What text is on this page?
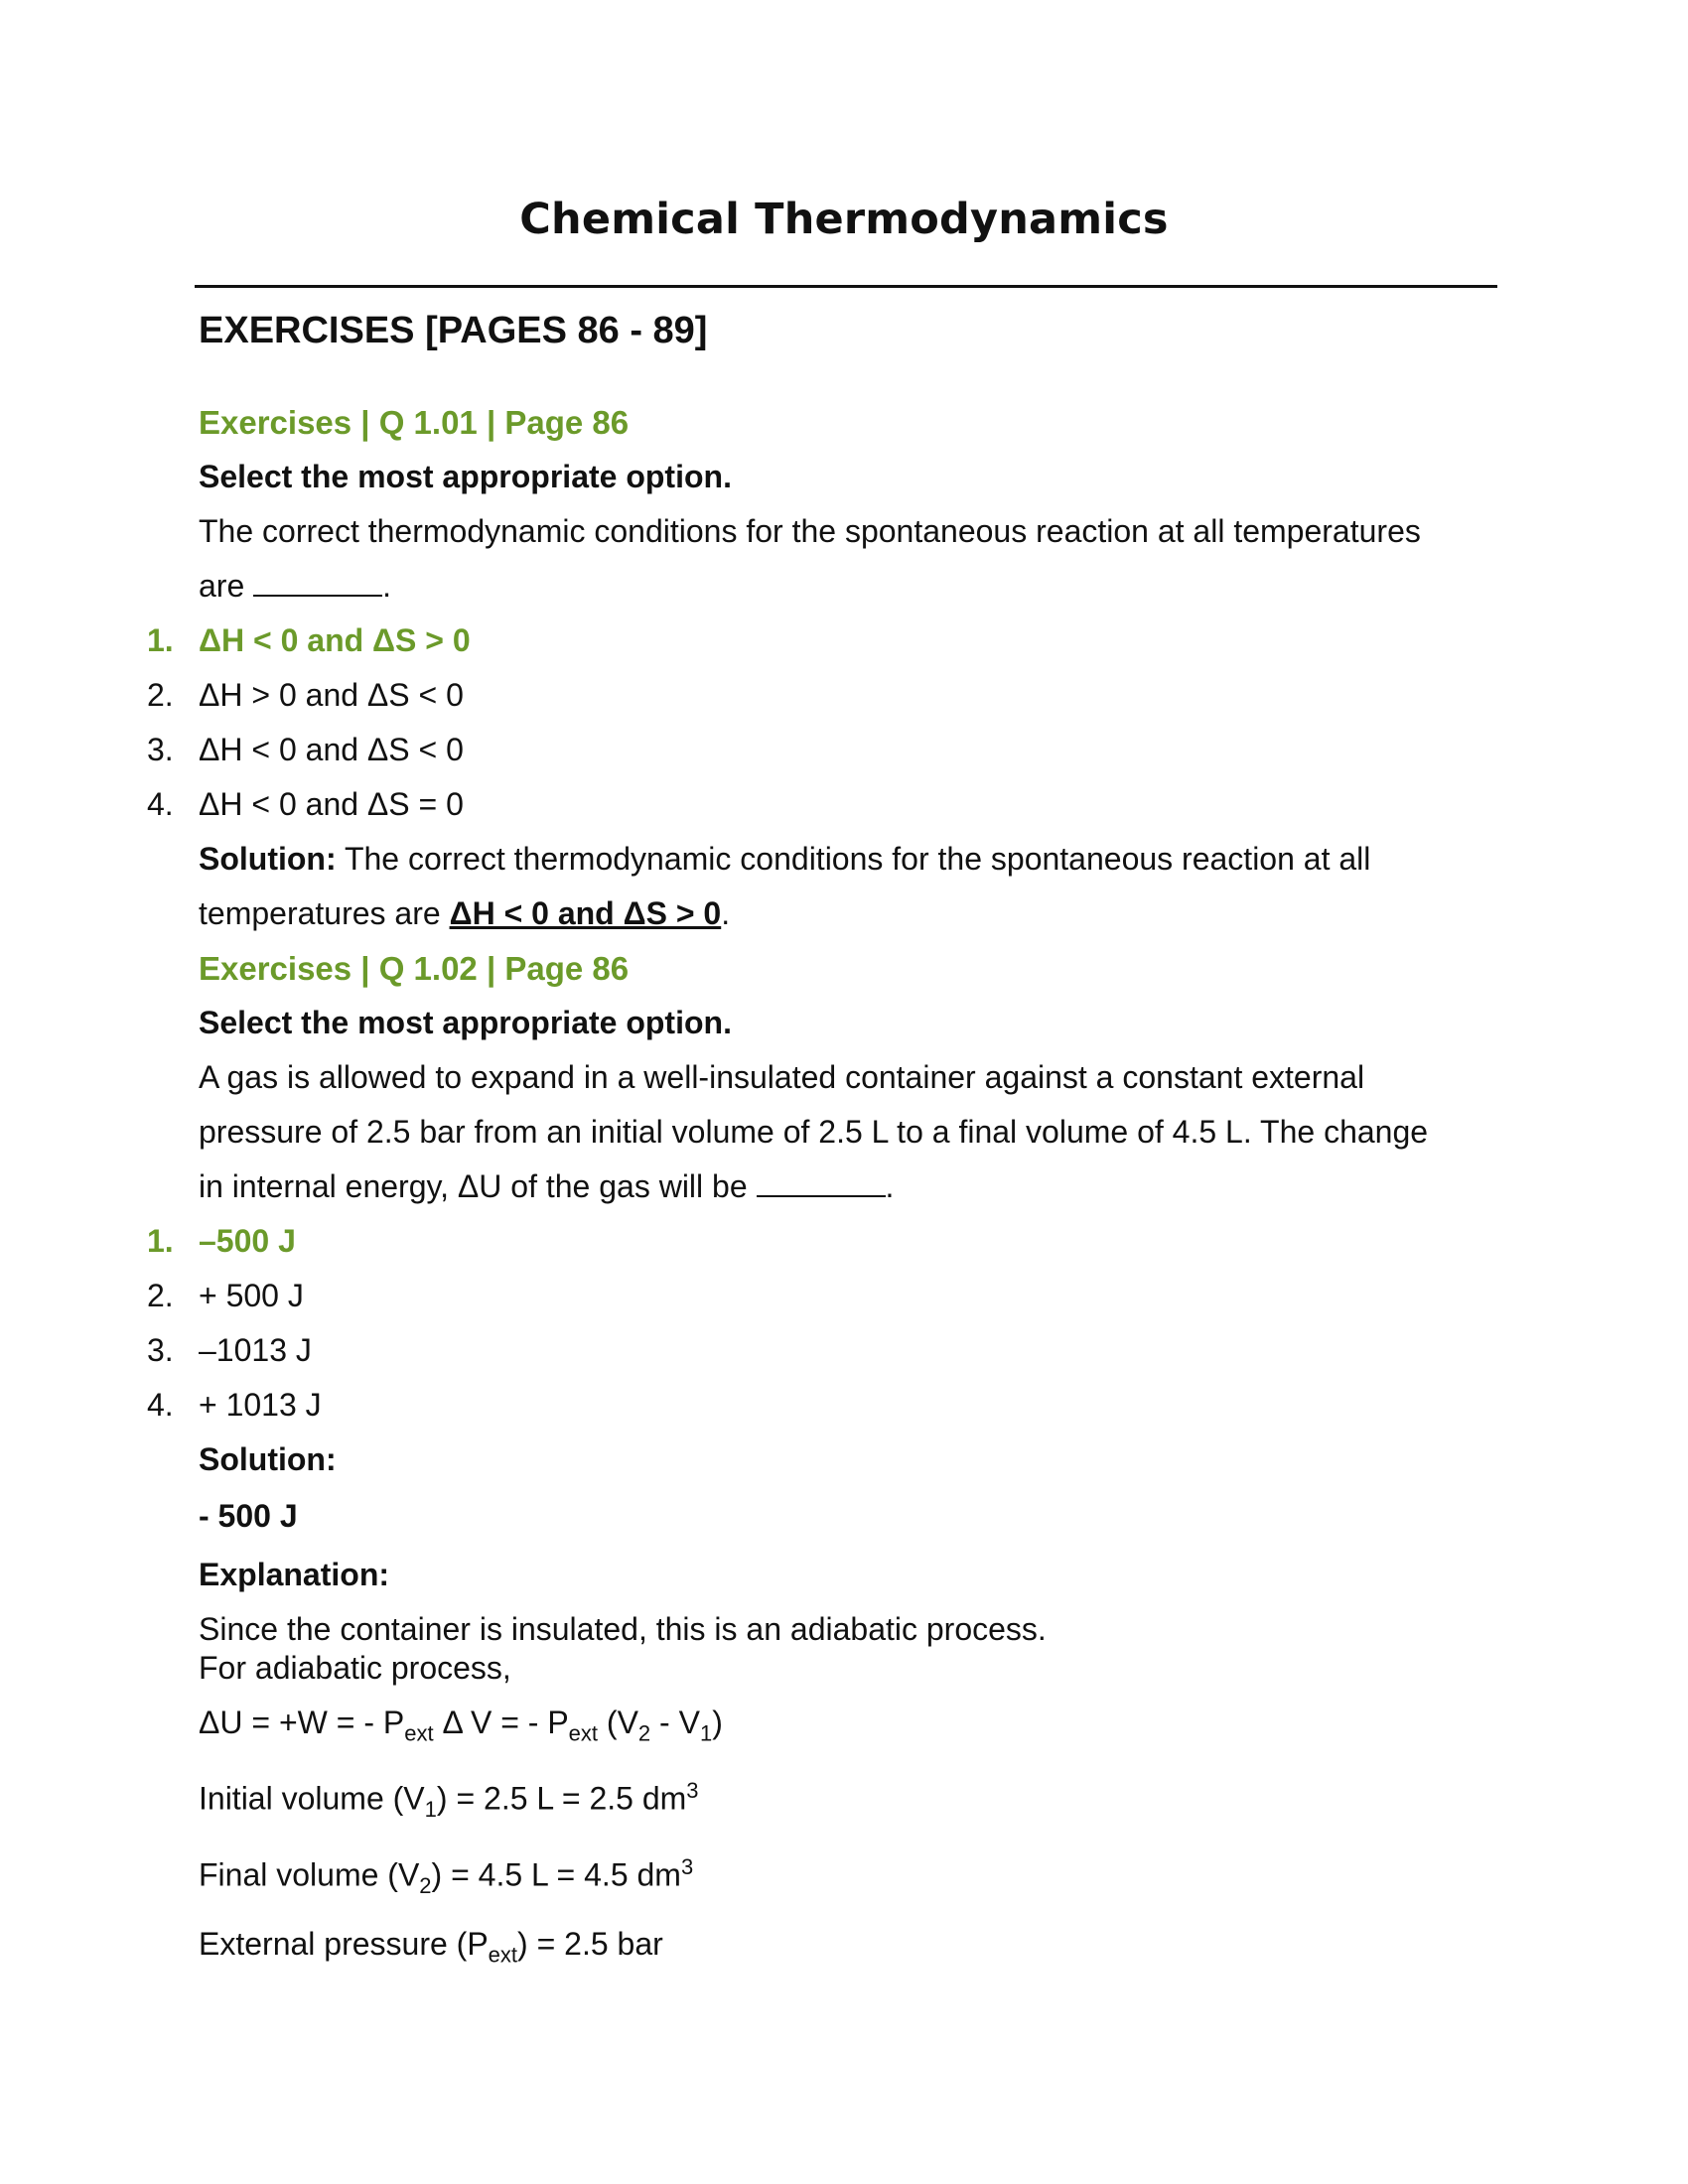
Chemical Thermodynamics
EXERCISES [PAGES 86 - 89]
Exercises | Q 1.01 | Page 86
Select the most appropriate option.
The correct thermodynamic conditions for the spontaneous reaction at all temperatures
are	.
1. ΔH < 0 and ΔS > 0
2. ΔH > 0 and ΔS < 0
3. ΔH < 0 and ΔS < 0
4. ΔH < 0 and ΔS = 0
Solution: The correct thermodynamic conditions for the spontaneous reaction at all
temperatures are ΔH < 0 and ΔS > 0.
Exercises | Q 1.02 | Page 86
Select the most appropriate option.
A gas is allowed to expand in a well-insulated container against a constant external
pressure of 2.5 bar from an initial volume of 2.5 L to a final volume of 4.5 L. The change
in internal energy, ΔU of the gas will be	.
1. –500 J
2. + 500 J
3. –1013 J
4. + 1013 J
Solution:
- 500 J
Explanation:
Since the container is insulated, this is an adiabatic process.
For adiabatic process,
ΔU = +W = - $P_{ext}$ Δ V = - $P_{ext}$ $(V_2 - V_1)$
Initial volume $(V_1) = 2.5$ L = 2.5 $dm^3$
Final volume $(V_2) = 4.5$ L = 4.5 $dm^3$
External pressure $(P_{ext}) = 2.5$ bar
